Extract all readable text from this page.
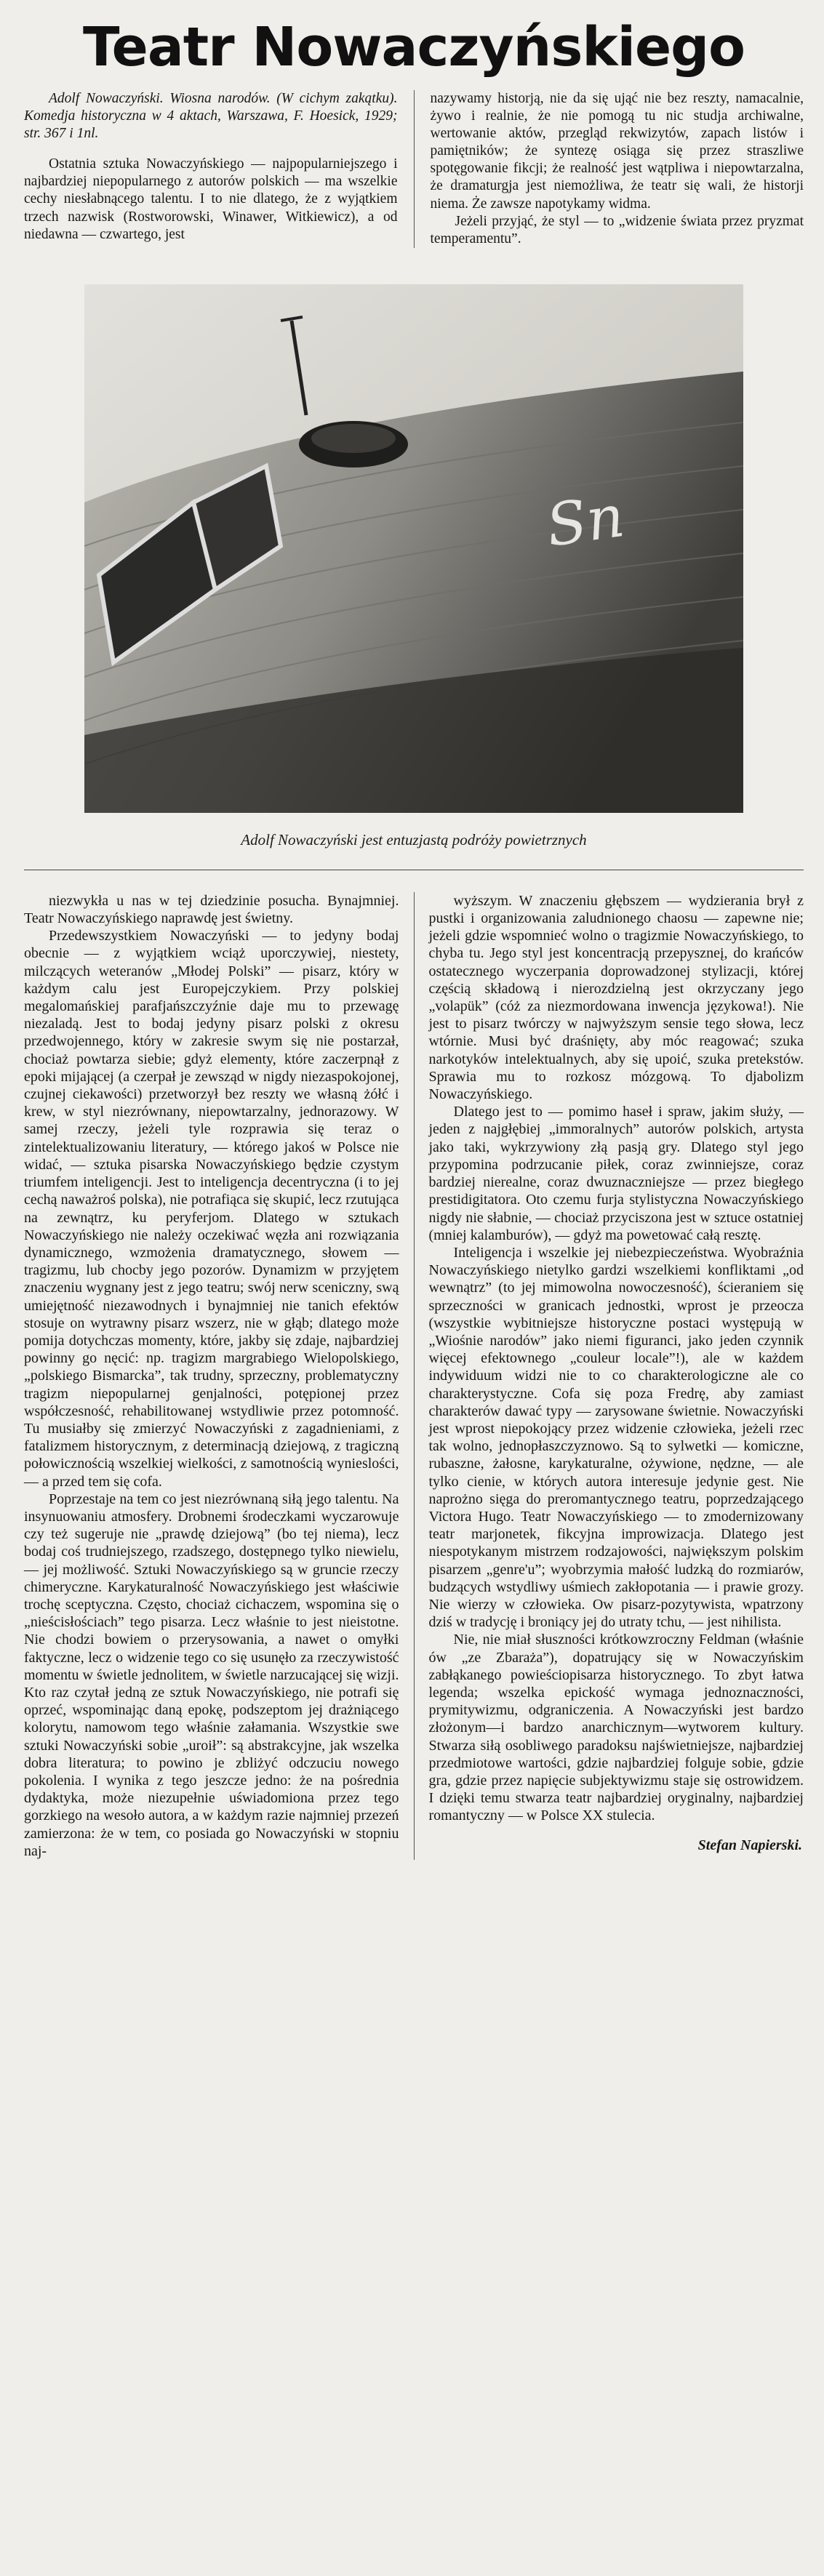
Teatr Nowaczyńskiego

Adolf Nowaczyński. Wiosna narodów. (W cichym zakątku). Komedja historyczna w 4 aktach, Warszawa, F. Hoesick, 1929; str. 367 i 1nl.

Ostatnia sztuka Nowaczyńskiego — najpopularniejszego i najbardziej niepopularnego z autorów polskich — ma wszelkie cechy niesłabnącego talentu. I to nie dlatego, że z wyjątkiem trzech nazwisk (Rostworowski, Winawer, Witkiewicz), a od niedawna — czwartego, jest

nazywamy historją, nie da się ująć nie bez reszty, namacalnie, żywo i realnie, że nie pomogą tu nic studja archiwalne, wertowanie aktów, przegląd rekwizytów, zapach listów i pamiętników; że syntezę osiąga się przez straszliwe spotęgowanie fikcji; że realność jest wątpliwa i niepowtarzalna, że dramaturgja jest niemożliwa, że teatr się wali, że historji niema. Że zawsze napotykamy widma.

Jeżeli przyjąć, że styl — to „widzenie świata przez pryzmat temperamentu”.

Sn
Adolf Nowaczyński jest entuzjastą podróży powietrznych

niezwykła u nas w tej dziedzinie posucha. Bynajmniej. Teatr Nowaczyńskiego naprawdę jest świetny.

Przedewszystkiem Nowaczyński — to jedyny bodaj obecnie — z wyjątkiem wciąż uporczywiej, niestety, milczących weteranów „Młodej Polski” — pisarz, który w każdym calu jest Europejczykiem. Przy polskiej megalomańskiej parafjańszczyźnie daje mu to przewagę niezaladą. Jest to bodaj jedyny pisarz polski z okresu przedwojennego, który w zakresie swym się nie postarzał, chociaż powtarza siebie; gdyż elementy, które zaczerpnął z epoki mijającej (a czerpał je zewsząd w nigdy niezaspokojonej, czujnej ciekawości) przetworzył bez reszty we własną żółć i krew, w styl niezrównany, niepowtarzalny, jednorazowy. W samej rzeczy, jeżeli tyle rozprawia się teraz o zintelektualizowaniu literatury, — którego jakoś w Polsce nie widać, — sztuka pisarska Nowaczyńskiego będzie czystym triumfem inteligencji. Jest to inteligencja decentryczna (i to jej cechą naważroś polska), nie potrafiąca się skupić, lecz rzutująca na zewnątrz, ku peryferjom. Dlatego w sztukach Nowaczyńskiego nie należy oczekiwać węzła ani rozwiązania dynamicznego, wzmożenia dramatycznego, słowem — tragizmu, lub chocby jego pozorów. Dynamizm w przyjętem znaczeniu wygnany jest z jego teatru; swój nerw sceniczny, swą umiejętność niezawodnych i bynajmniej nie tanich efektów stosuje on wytrawny pisarz wszerz, nie w głąb; dlatego może pomija dotychczas momenty, które, jakby się zdaje, najbardziej powinny go nęcić: np. tragizm margrabiego Wielopolskiego, „polskiego Bismarcka”, tak trudny, sprzeczny, problematyczny tragizm niepopularnej genjalności, potępionej przez współczesność, rehabilitowanej wstydliwie przez potomność. Tu musiałby się zmierzyć Nowaczyński z zagadnieniami, z fatalizmem historycznym, z determinacją dziejową, z tragiczną połowicznością wszelkiej wielkości, z samotnością wynieslości, — a przed tem się cofa.

Poprzestaje na tem co jest niezrównaną siłą jego talentu. Na insynuowaniu atmosfery. Drobnemi środeczkami wyczarowuje czy też sugeruje nie „prawdę dziejową” (bo tej niema), lecz bodaj coś trudniejszego, rzadszego, dostępnego tylko niewielu, — jej możliwość. Sztuki Nowaczyńskiego są w gruncie rzeczy chimeryczne. Karykaturalność Nowaczyńskiego jest właściwie trochę sceptyczna. Często, chociaż cichaczem, wspomina się o „nieścisłościach” tego pisarza. Lecz właśnie to jest nieistotne. Nie chodzi bowiem o przerysowania, a nawet o omyłki faktyczne, lecz o widzenie tego co się usunęło za rzeczywistość momentu w świetle jednolitem, w świetle narzucającej się wizji. Kto raz czytał jedną ze sztuk Nowaczyńskiego, nie potrafi się oprzeć, wspominając daną epokę, podszeptom jej drażniącego kolorytu, namowom tego właśnie załamania. Wszystkie swe sztuki Nowaczyński sobie „uroił”: są abstrakcyjne, jak wszelka dobra literatura; to powino je zbliżyć odczuciu nowego pokolenia. I wynika z tego jeszcze jedno: że na pośrednia dydaktyka, może niezupełnie uświadomiona przez tego gorzkiego na wesoło autora, a w każdym razie najmniej przezeń zamierzona: że w tem, co posiada go Nowaczyński w stopniu naj-

wyższym. W znaczeniu głębszem — wydzierania brył z pustki i organizowania zaludnionego chaosu — zapewne nie; jeżeli gdzie wspomnieć wolno o tragizmie Nowaczyńskiego, to chyba tu. Jego styl jest koncentracją przepyszneį, do krańców ostatecznego wyczerpania doprowadzonej stylizacji, której częścią składową i nierozdzielną jest okrzyczany jego „volapük” (cóż za niezmordowana inwencja językowa!). Nie jest to pisarz twórczy w najwyższym sensie tego słowa, lecz wtórnie. Musi być draśnięty, aby móc reagować; szuka narkotyków intelektualnych, aby się upoić, szuka pretekstów. Sprawia mu to rozkosz mózgową. To djabolizm Nowaczyńskiego.

Dlatego jest to — pomimo haseł i spraw, jakim służy, — jeden z najgłębiej „immoralnych” autorów polskich, artysta jako taki, wykrzywiony złą pasją gry. Dlatego styl jego przypomina podrzucanie piłek, coraz zwinniejsze, coraz bardziej nierealne, coraz dwuznaczniejsze — przez biegłego prestidigitatora. Oto czemu furja stylistyczna Nowaczyńskiego nigdy nie słabnie, — chociaż przyciszona jest w sztuce ostatniej (mniej kalamburów), — gdyż ma powetować całą resztę.

Inteligencja i wszelkie jej niebezpieczeństwa. Wyobraźnia Nowaczyńskiego nietylko gardzi wszelkiemi konfliktami „od wewnątrz” (to jej mimowolna nowoczesność), ścieraniem się sprzeczności w granicach jednostki, wprost je przeocza (wszystkie wybitniejsze historyczne postaci występują w „Wiośnie narodów” jako niemi figuranci, jako jeden czynnik więcej efektownego „couleur locale”!), ale w każdem indywiduum widzi nie to co charakterologiczne ale co charakterystyczne. Cofa się poza Fredrę, aby zamiast charakterów dawać typy — zarysowane świetnie. Nowaczyński jest wprost niepokojący przez widzenie człowieka, jeżeli rzec tak wolno, jednopłaszczyznowo. Są to sylwetki — komiczne, rubaszne, żałosne, karykaturalne, ożywione, nędzne, — ale tylko cienie, w których autora interesuje jedynie gest. Nie naprożno sięga do preromantycznego teatru, poprzedzającego Victora Hugo. Teatr Nowaczyńskiego — to zmodernizowany teatr marjonetek, fikcyjna improwizacja. Dlatego jest niespotykanym mistrzem rodzajowości, największym polskim pisarzem „genre'u”; wyobrzymia małość ludzką do rozmiarów, budzących wstydliwy uśmiech zakłopotania — i prawie grozy. Nie wierzy w człowieka. Ow pisarz-pozytywista, wpatrzony dziś w tradycję i broniący jej do utraty tchu, — jest nihilista.

Nie, nie miał słuszności krótkowzroczny Feldman (właśnie ów „ze Zbaraża”), dopatrujący się w Nowaczyńskim zabłąkanego powieściopisarza historycznego. To zbyt łatwa legenda; wszelka epickość wymaga jednoznaczności, prymitywizmu, odgraniczenia. A Nowaczyński jest bardzo złożonym—i bardzo anarchicznym—wytworem kultury. Stwarza siłą osobliwego paradoksu najświetniejsze, najbardziej przedmiotowe wartości, gdzie najbardziej folguje sobie, gdzie gra, gdzie przez napięcie subjektywizmu staje się ostrowidzem. I dzięki temu stwarza teatr najbardziej oryginalny, najbardziej romantyczny — w Polsce XX stulecia.

Stefan Napierski.
